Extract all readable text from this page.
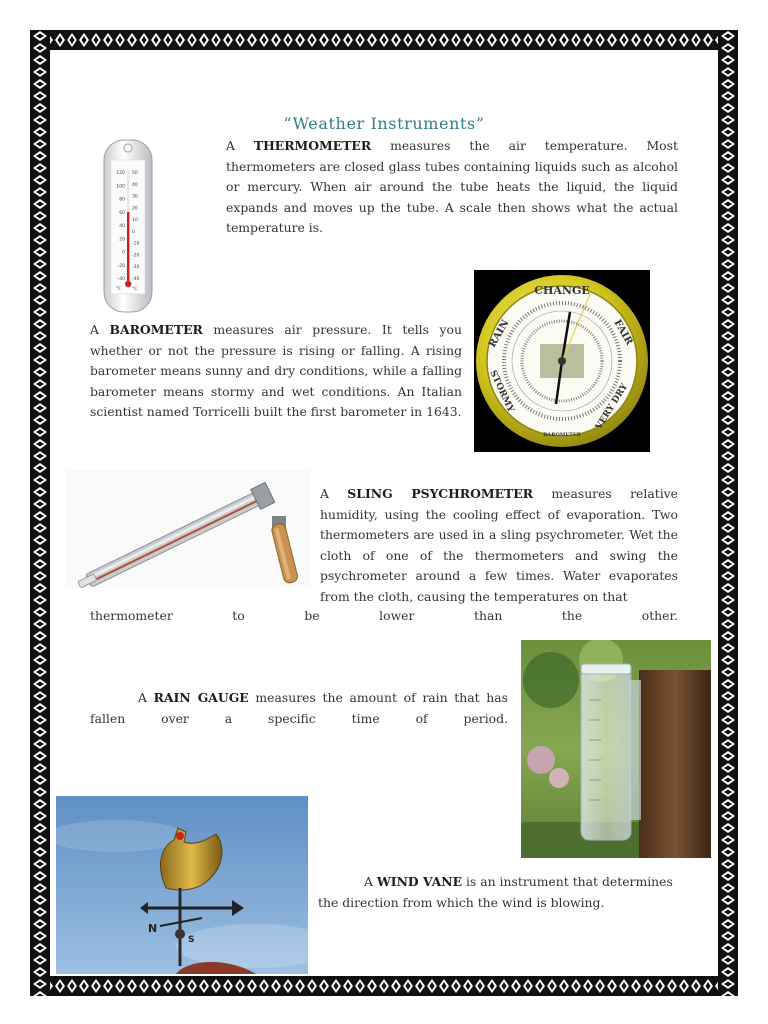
“Weather Instruments”
120
100
80
60
40
20
0
-20
-40
50
40
30
20
10
0
-10
-20
-30
-40
°F °C
A THERMOMETER measures the air temperature. Most thermometers are closed glass tubes containing liquids such as alcohol or mercury. When air around the tube heats the liquid, the liquid expands and moves up the tube. A scale then shows what the actual temperature is.
A BAROMETER measures air pressure. It tells you whether or not the pressure is rising or falling. A rising barometer means sunny and dry conditions, while a falling barometer means stormy and wet conditions. An Italian scientist named Torricelli built the first barometer in 1643.
CHANGE
RAIN	FAIR
STORMY	VERY DRY
BAROMETER
A SLING PSYCHROMETER measures relative humidity, using the cooling effect of evaporation. Two thermometers are used in a sling psychrometer. Wet the cloth of one of the thermometers and swing the psychrometer around a few times. Water evaporates from the cloth, causing the temperatures on that
thermometer to be lower than the other.
A RAIN GAUGE measures the amount of rain that has fallen over a specific time of period.
N
S
A WIND VANE is an instrument that determines the direction from which the wind is blowing.
